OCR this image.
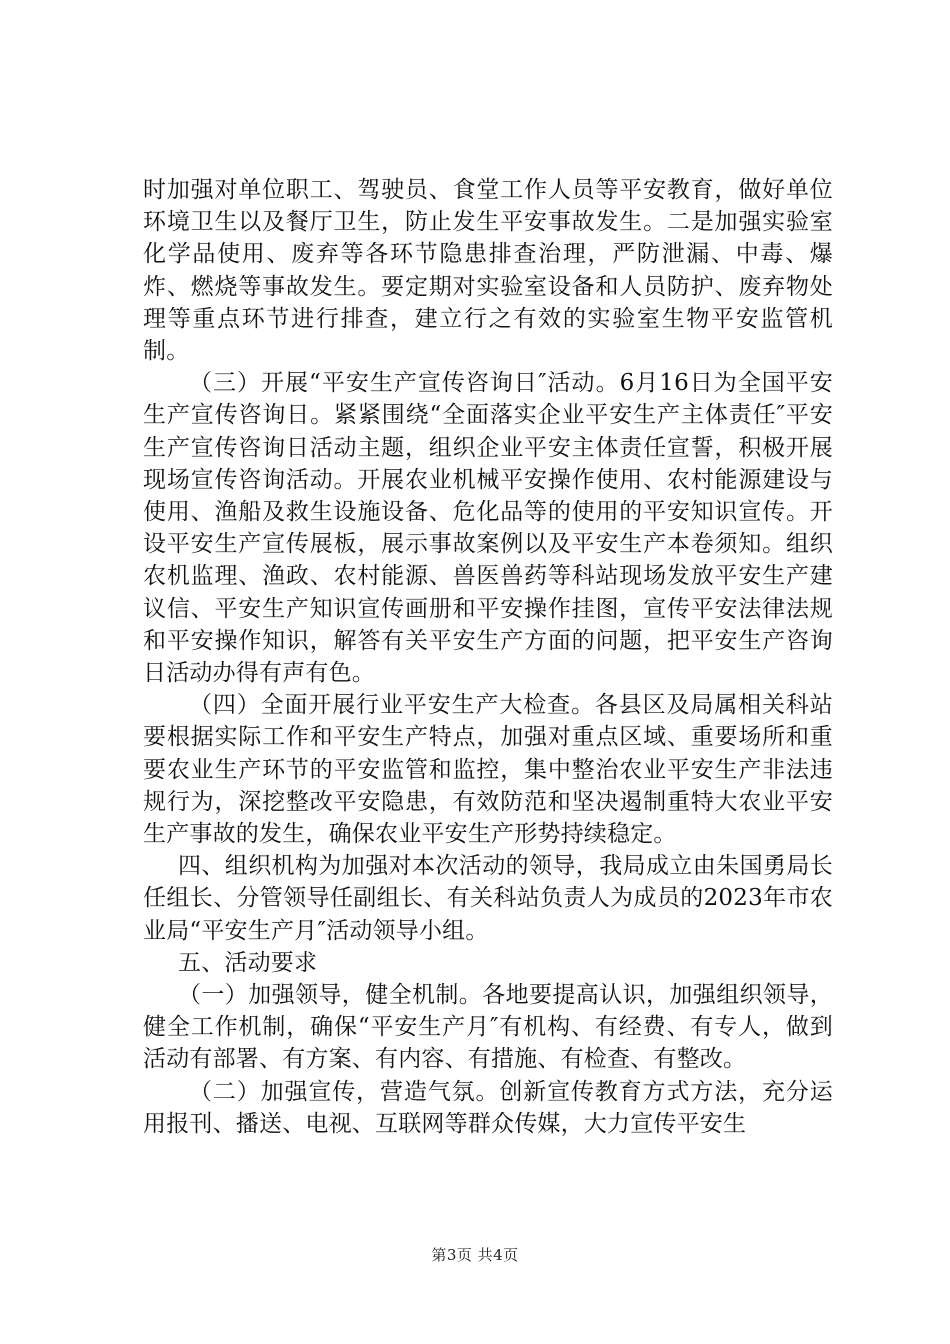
时加强对单位职工、驾驶员、食堂工作人员等平安教育，做好单位环境卫生以及餐厅卫生，防止发生平安事故发生。二是加强实验室化学品使用、废弃等各环节隐患排查治理，严防泄漏、中毒、爆炸、燃烧等事故发生。要定期对实验室设备和人员防护、废弃物处理等重点环节进行排查，建立行之有效的实验室生物平安监管机制。

（三）开展“平安生产宣传咨询日″活动。6月16日为全国平安生产宣传咨询日。紧紧围绕“全面落实企业平安生产主体责任″平安生产宣传咨询日活动主题，组织企业平安主体责任宣誓，积极开展现场宣传咨询活动。开展农业机械平安操作使用、农村能源建设与使用、渔船及救生设施设备、危化品等的使用的平安知识宣传。开设平安生产宣传展板，展示事故案例以及平安生产本卷须知。组织农机监理、渔政、农村能源、兽医兽药等科站现场发放平安生产建议信、平安生产知识宣传画册和平安操作挂图，宣传平安法律法规和平安操作知识，解答有关平安生产方面的问题，把平安生产咨询日活动办得有声有色。

（四）全面开展行业平安生产大检查。各县区及局属相关科站要根据实际工作和平安生产特点，加强对重点区域、重要场所和重要农业生产环节的平安监管和监控，集中整治农业平安生产非法违规行为，深挖整改平安隐患，有效防范和坚决遏制重特大农业平安生产事故的发生，确保农业平安生产形势持续稳定。

四、组织机构为加强对本次活动的领导，我局成立由朱国勇局长任组长、分管领导任副组长、有关科站负责人为成员的2023年市农业局“平安生产月″活动领导小组。

五、活动要求

（一）加强领导，健全机制。各地要提高认识，加强组织领导，健全工作机制，确保“平安生产月″有机构、有经费、有专人，做到活动有部署、有方案、有内容、有措施、有检查、有整改。

（二）加强宣传，营造气氛。创新宣传教育方式方法，充分运用报刊、播送、电视、互联网等群众传媒，大力宣传平安生

第3页 共4页
